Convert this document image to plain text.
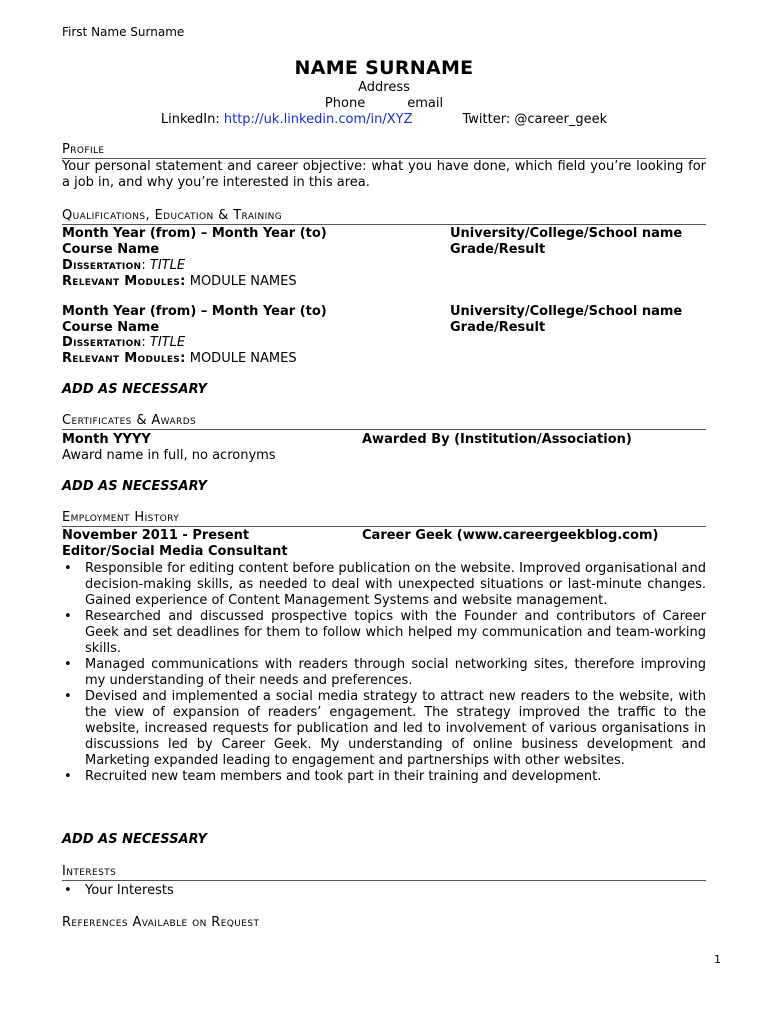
First Name Surname
NAME SURNAME
Address
Phone	email
LinkedIn: http://uk.linkedin.com/in/XYZ	Twitter: @career_geek
Profile
Your personal statement and career objective: what you have done, which field you’re looking for a job in, and why you’re interested in this area.
Qualifications, Education & Training
Month Year (from) – Month Year (to)	University/College/School name
Course Name	Grade/Result
Dissertation: TITLE
Relevant Modules: MODULE NAMES
Month Year (from) – Month Year (to)	University/College/School name
Course Name	Grade/Result
Dissertation: TITLE
Relevant Modules: MODULE NAMES
ADD AS NECESSARY
Certificates & Awards
Month YYYY	Awarded By (Institution/Association)
Award name in full, no acronyms
ADD AS NECESSARY
Employment History
November 2011 - Present	Career Geek (www.careergeekblog.com)
Editor/Social Media Consultant
• Responsible for editing content before publication on the website. Improved organisational and decision-making skills, as needed to deal with unexpected situations or last-minute changes. Gained experience of Content Management Systems and website management.
• Researched and discussed prospective topics with the Founder and contributors of Career Geek and set deadlines for them to follow which helped my communication and team-working skills.
• Managed communications with readers through social networking sites, therefore improving my understanding of their needs and preferences.
• Devised and implemented a social media strategy to attract new readers to the website, with the view of expansion of readers’ engagement. The strategy improved the traffic to the website, increased requests for publication and led to involvement of various organisations in discussions led by Career Geek. My understanding of online business development and Marketing expanded leading to engagement and partnerships with other websites.
• Recruited new team members and took part in their training and development.
ADD AS NECESSARY
Interests
• Your Interests
References Available on Request
1
